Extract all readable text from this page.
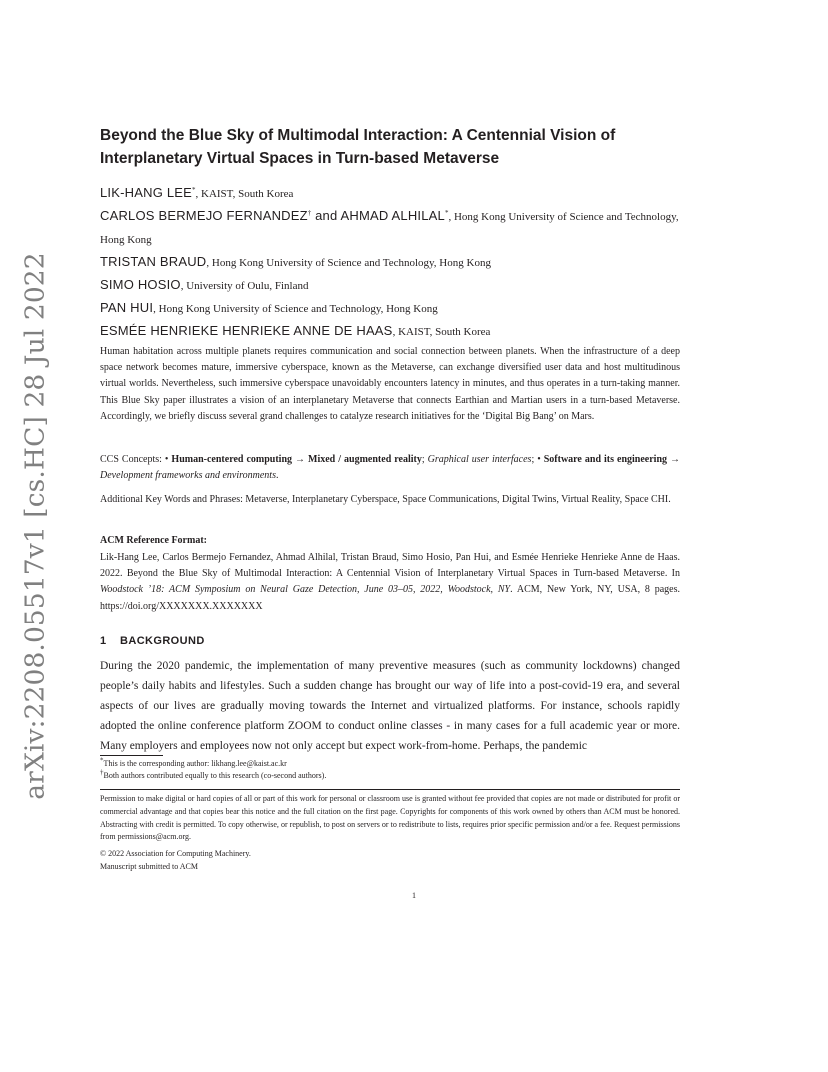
arXiv:2208.05517v1 [cs.HC] 28 Jul 2022
Beyond the Blue Sky of Multimodal Interaction: A Centennial Vision of Interplanetary Virtual Spaces in Turn-based Metaverse

LIK-HANG LEE*, KAIST, South Korea

CARLOS BERMEJO FERNANDEZ† and AHMAD ALHILAL*, Hong Kong University of Science and Technology, Hong Kong

TRISTAN BRAUD, Hong Kong University of Science and Technology, Hong Kong

SIMO HOSIO, University of Oulu, Finland

PAN HUI, Hong Kong University of Science and Technology, Hong Kong

ESMÉE HENRIEKE HENRIEKE ANNE DE HAAS, KAIST, South Korea

Human habitation across multiple planets requires communication and social connection between planets. When the infrastructure of a deep space network becomes mature, immersive cyberspace, known as the Metaverse, can exchange diversified user data and host multitudinous virtual worlds. Nevertheless, such immersive cyberspace unavoidably encounters latency in minutes, and thus operates in a turn-taking manner. This Blue Sky paper illustrates a vision of an interplanetary Metaverse that connects Earthian and Martian users in a turn-based Metaverse. Accordingly, we briefly discuss several grand challenges to catalyze research initiatives for the ‘Digital Big Bang’ on Mars.

CCS Concepts: • Human-centered computing → Mixed / augmented reality; Graphical user interfaces; • Software and its engineering → Development frameworks and environments.

Additional Key Words and Phrases: Metaverse, Interplanetary Cyberspace, Space Communications, Digital Twins, Virtual Reality, Space CHI.

ACM Reference Format:

Lik-Hang Lee, Carlos Bermejo Fernandez, Ahmad Alhilal, Tristan Braud, Simo Hosio, Pan Hui, and Esmée Henrieke Henrieke Anne de Haas. 2022. Beyond the Blue Sky of Multimodal Interaction: A Centennial Vision of Interplanetary Virtual Spaces in Turn-based Metaverse. In Woodstock ’18: ACM Symposium on Neural Gaze Detection, June 03–05, 2022, Woodstock, NY. ACM, New York, NY, USA, 8 pages. https://doi.org/XXXXXXX.XXXXXXX

1 BACKGROUND

During the 2020 pandemic, the implementation of many preventive measures (such as community lockdowns) changed people’s daily habits and lifestyles. Such a sudden change has brought our way of life into a post-covid-19 era, and several aspects of our lives are gradually moving towards the Internet and virtualized platforms. For instance, schools rapidly adopted the online conference platform ZOOM to conduct online classes - in many cases for a full academic year or more. Many employers and employees now not only accept but expect work-from-home. Perhaps, the pandemic

*This is the corresponding author: likhang.lee@kaist.ac.kr

†Both authors contributed equally to this research (co-second authors).

Permission to make digital or hard copies of all or part of this work for personal or classroom use is granted without fee provided that copies are not made or distributed for profit or commercial advantage and that copies bear this notice and the full citation on the first page. Copyrights for components of this work owned by others than ACM must be honored. Abstracting with credit is permitted. To copy otherwise, or republish, to post on servers or to redistribute to lists, requires prior specific permission and/or a fee. Request permissions from permissions@acm.org.

© 2022 Association for Computing Machinery.

Manuscript submitted to ACM

1
